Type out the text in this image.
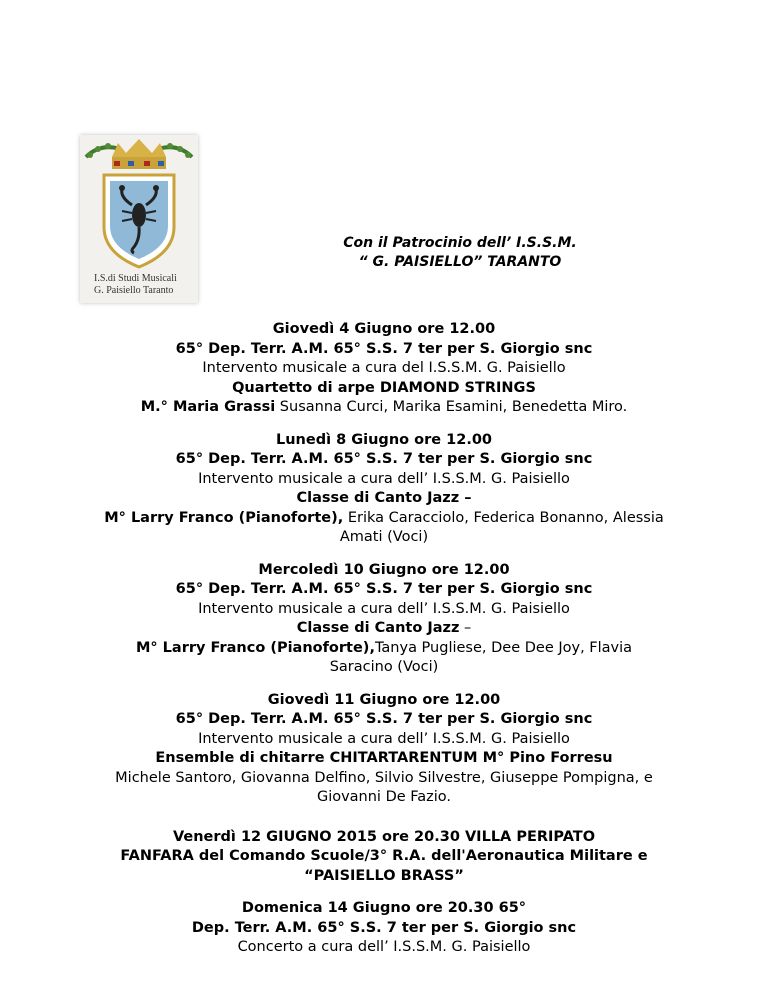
I.S.di Studi Musicali
G. Paisiello Taranto
Con il Patrocinio dell’ I.S.S.M.
“ G. PAISIELLO” TARANTO
Giovedì 4 Giugno ore 12.00
65° Dep. Terr. A.M. 65° S.S. 7 ter per S. Giorgio snc
Intervento musicale a cura del I.S.S.M. G. Paisiello
Quartetto di arpe DIAMOND STRINGS
M.° Maria Grassi Susanna Curci, Marika Esamini, Benedetta Miro.
Lunedì 8 Giugno ore 12.00
65° Dep. Terr. A.M. 65° S.S. 7 ter per S. Giorgio snc
Intervento musicale a cura dell’ I.S.S.M. G. Paisiello
Classe di Canto Jazz –
M° Larry Franco (Pianoforte), Erika Caracciolo, Federica Bonanno, Alessia
Amati (Voci)
Mercoledì 10 Giugno ore 12.00
65° Dep. Terr. A.M. 65° S.S. 7 ter per S. Giorgio snc
Intervento musicale a cura dell’ I.S.S.M. G. Paisiello
Classe di Canto Jazz –
M° Larry Franco (Pianoforte),Tanya Pugliese, Dee Dee Joy, Flavia
Saracino (Voci)
Giovedì 11 Giugno ore 12.00
65° Dep. Terr. A.M. 65° S.S. 7 ter per S. Giorgio snc
Intervento musicale a cura dell’ I.S.S.M. G. Paisiello
Ensemble di chitarre CHITARTARENTUM M° Pino Forresu
Michele Santoro, Giovanna Delfino, Silvio Silvestre, Giuseppe Pompigna, e
Giovanni De Fazio.
Venerdì 12 GIUGNO 2015 ore 20.30 VILLA PERIPATO
FANFARA del Comando Scuole/3° R.A. dell'Aeronautica Militare e
“PAISIELLO BRASS”
Domenica 14 Giugno ore 20.30 65°
Dep. Terr. A.M. 65° S.S. 7 ter per S. Giorgio snc
Concerto a cura dell’ I.S.S.M. G. Paisiello
